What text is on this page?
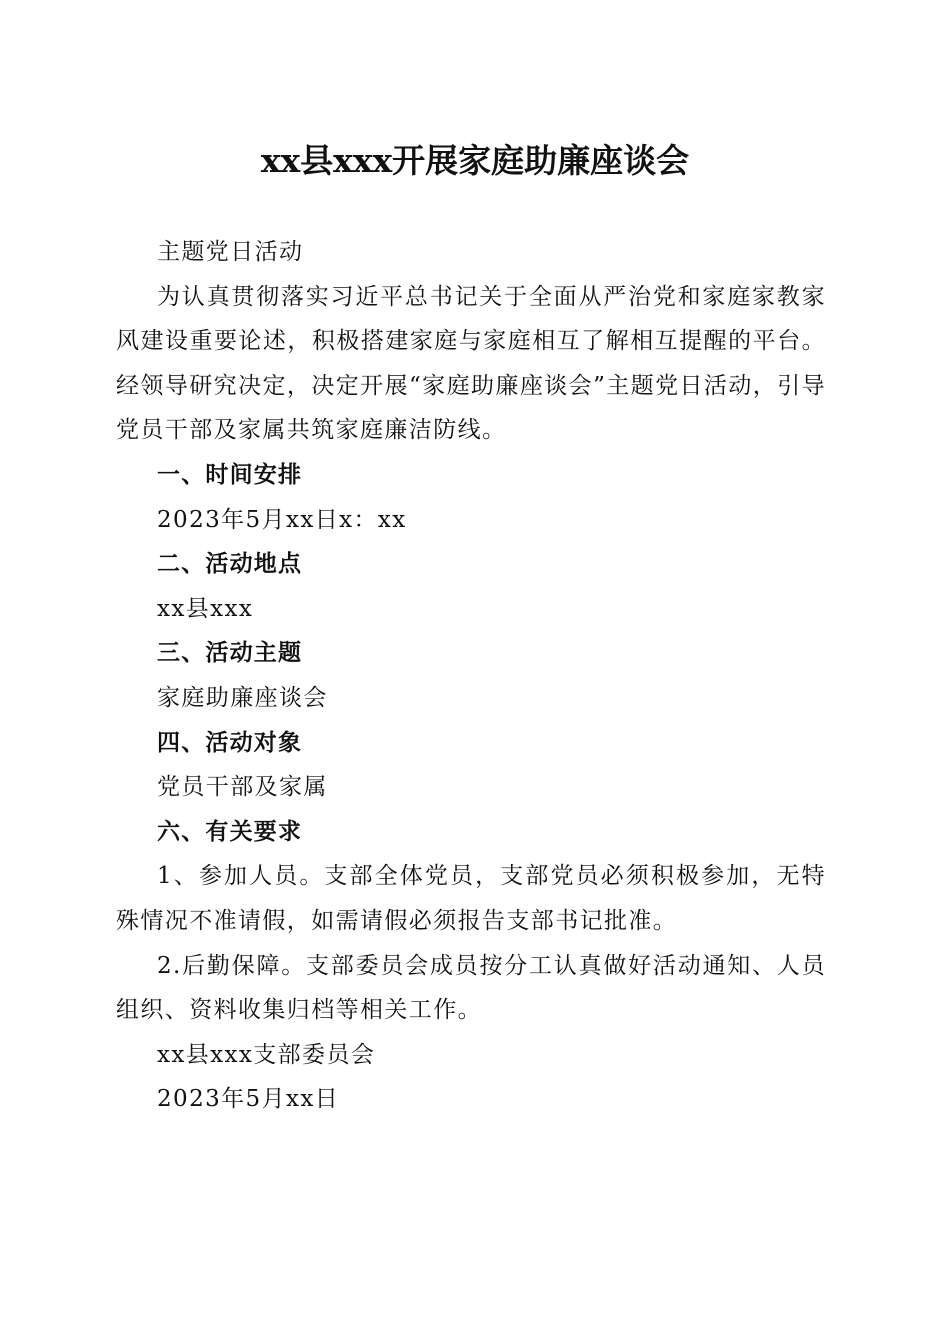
xx县xxx开展家庭助廉座谈会

主题党日活动

为认真贯彻落实习近平总书记关于全面从严治党和家庭家教家风建设重要论述，积极搭建家庭与家庭相互了解相互提醒的平台。经领导研究决定，决定开展“家庭助廉座谈会”主题党日活动，引导党员干部及家属共筑家庭廉洁防线。

一、时间安排

2023年5月xx日x：xx

二、活动地点

xx县xxx

三、活动主题

家庭助廉座谈会

四、活动对象

党员干部及家属

六、有关要求

1、参加人员。支部全体党员，支部党员必须积极参加，无特殊情况不准请假，如需请假必须报告支部书记批准。

2.后勤保障。支部委员会成员按分工认真做好活动通知、人员组织、资料收集归档等相关工作。

xx县xxx支部委员会

2023年5月xx日
